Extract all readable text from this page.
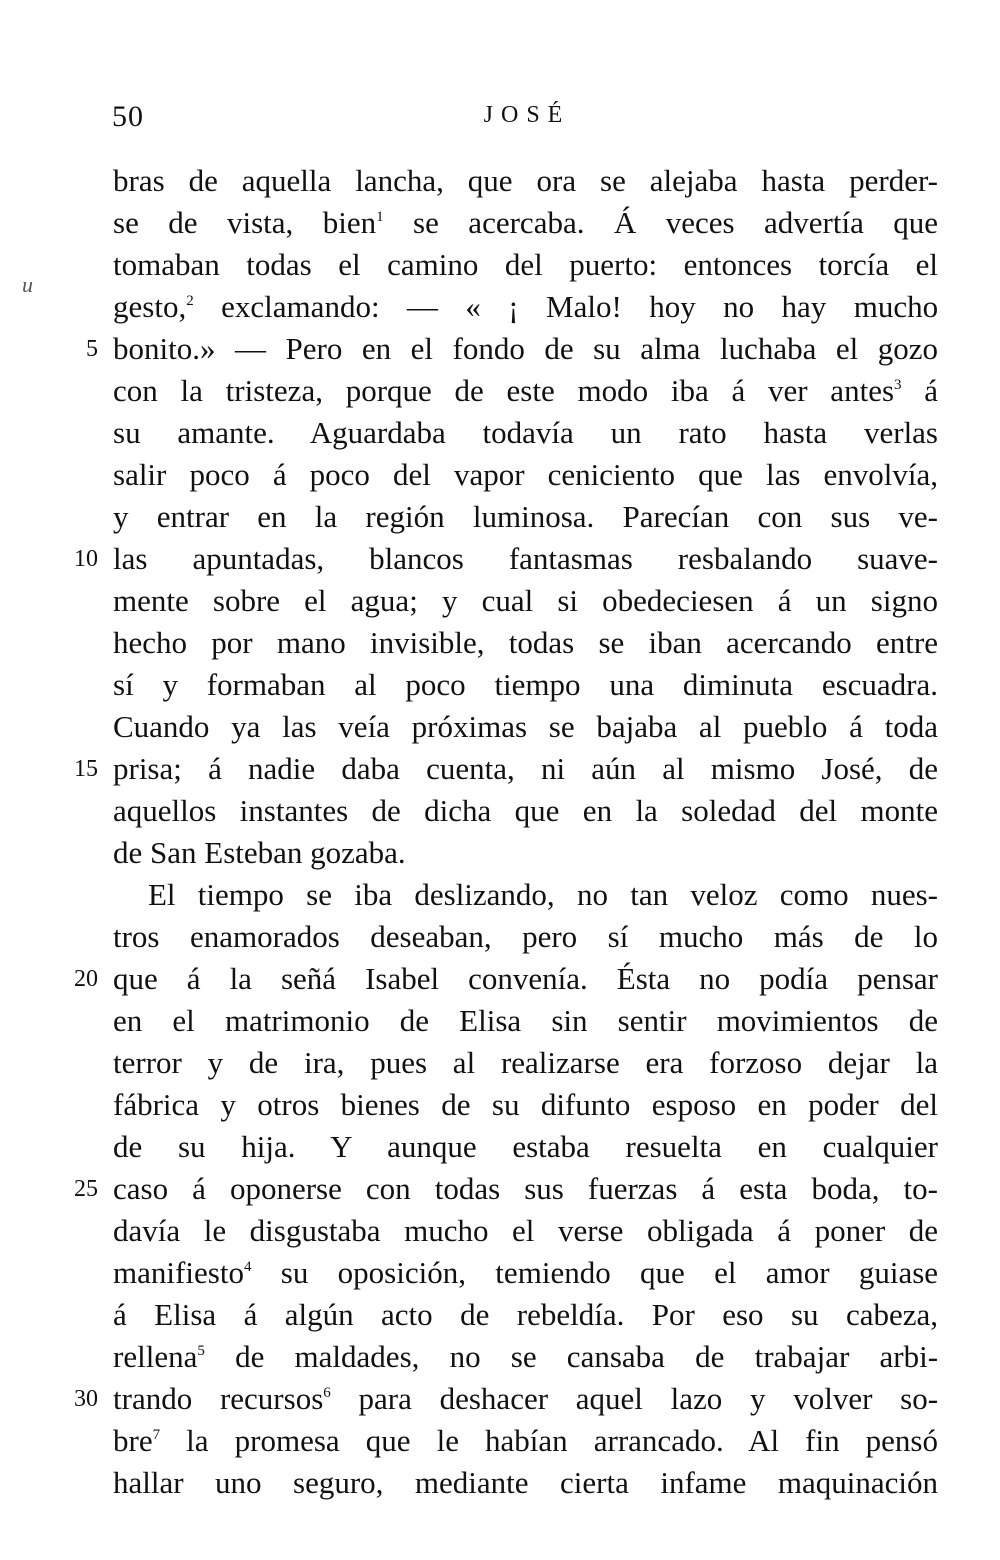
50	JOSÉ
u
bras de aquella lancha, que ora se alejaba hasta perder-
se de vista, bien$^1$ se acercaba. Á veces advertía que
tomaban todas el camino del puerto: entonces torcía el
gesto,$^2$ exclamando: — « ¡ Malo! hoy no hay mucho
bonito.» — Pero en el fondo de su alma luchaba el gozo
con la tristeza, porque de este modo iba á ver antes$^3$ á
su amante. Aguardaba todavía un rato hasta verlas
salir poco á poco del vapor ceniciento que las envolvía,
y entrar en la región luminosa. Parecían con sus ve-
las apuntadas, blancos fantasmas resbalando suave-
mente sobre el agua; y cual si obedeciesen á un signo
hecho por mano invisible, todas se iban acercando entre
sí y formaban al poco tiempo una diminuta escuadra.
Cuando ya las veía próximas se bajaba al pueblo á toda
prisa; á nadie daba cuenta, ni aún al mismo José, de
aquellos instantes de dicha que en la soledad del monte
de San Esteban gozaba.
El tiempo se iba deslizando, no tan veloz como nues-
tros enamorados deseaban, pero sí mucho más de lo
que á la señá Isabel convenía. Ésta no podía pensar
en el matrimonio de Elisa sin sentir movimientos de
terror y de ira, pues al realizarse era forzoso dejar la
fábrica y otros bienes de su difunto esposo en poder del
de su hija. Y aunque estaba resuelta en cualquier
caso á oponerse con todas sus fuerzas á esta boda, to-
davía le disgustaba mucho el verse obligada á poner de
manifiesto$^4$ su oposición, temiendo que el amor guiase
á Elisa á algún acto de rebeldía. Por eso su cabeza,
rellena$^5$ de maldades, no se cansaba de trabajar arbi-
trando recursos$^6$ para deshacer aquel lazo y volver so-
bre$^7$ la promesa que le habían arrancado. Al fin pensó
hallar uno seguro, mediante cierta infame maquinación
5
10
15
20
25
30
